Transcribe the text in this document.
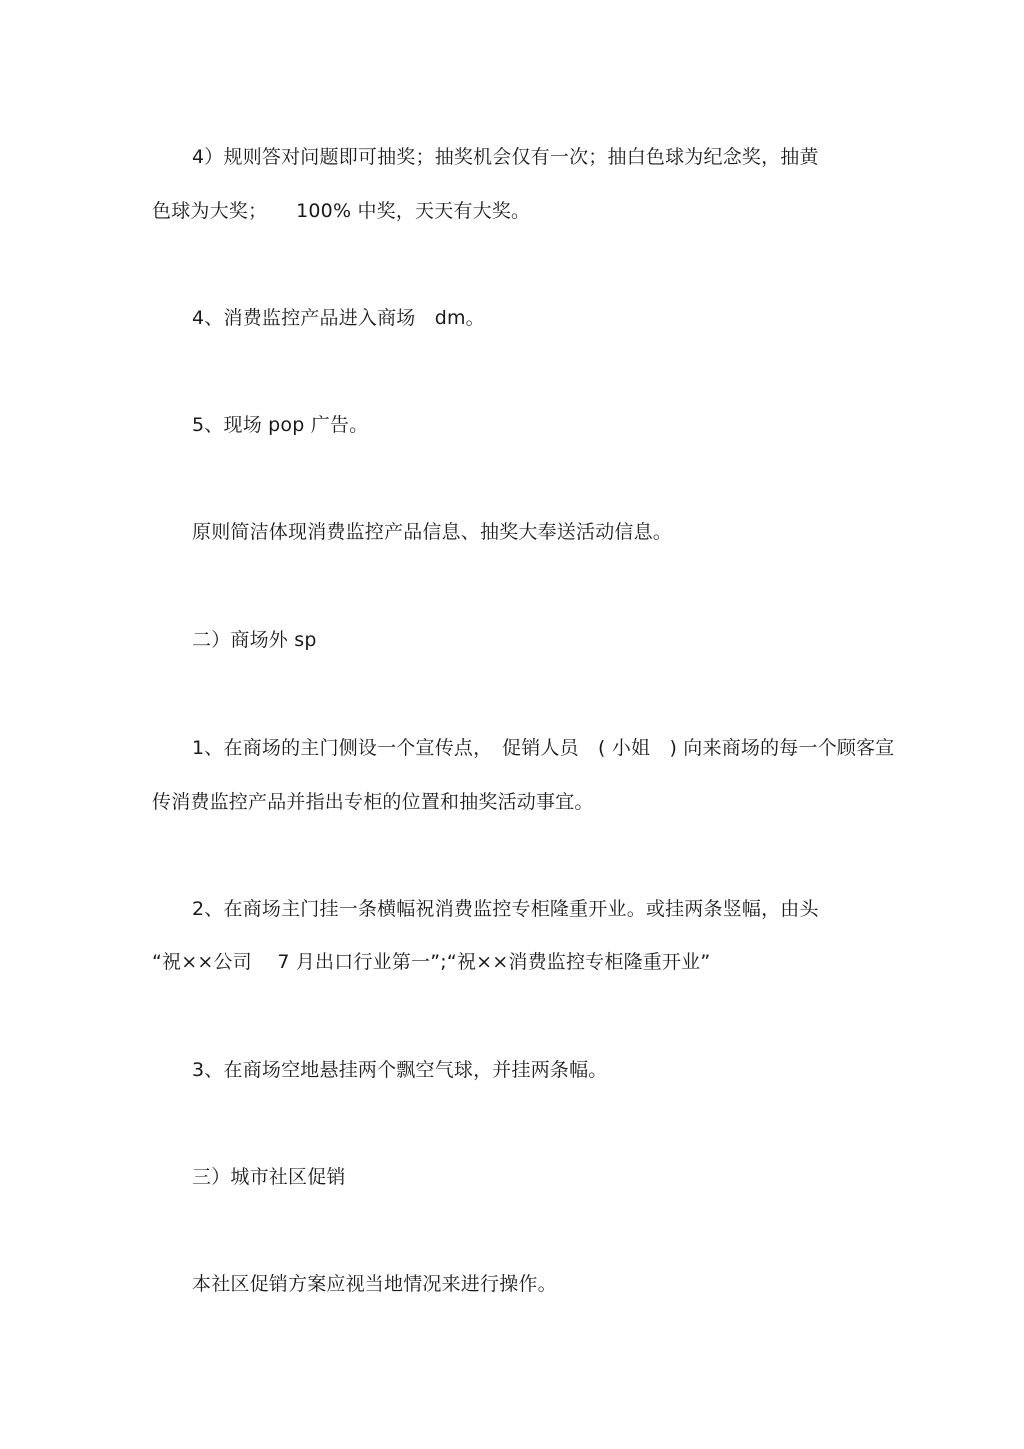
4）规则答对问题即可抽奖；抽奖机会仅有一次；抽白色球为纪念奖，抽黄
色球为大奖；　　100% 中奖，天天有大奖。
4、消费监控产品进入商场　dm。
5、现场 pop 广告。
原则简洁体现消费监控产品信息、抽奖大奉送活动信息。
二）商场外 sp
1、在商场的主门侧设一个宣传点，　促销人员　( 小姐　) 向来商场的每一个顾客宣
传消费监控产品并指出专柜的位置和抽奖活动事宜。
2、在商场主门挂一条横幅祝消费监控专柜隆重开业。或挂两条竖幅，由头
“祝××公司　 7 月出口行业第一”;“祝××消费监控专柜隆重开业”
3、在商场空地悬挂两个飘空气球，并挂两条幅。
三）城市社区促销
本社区促销方案应视当地情况来进行操作。
